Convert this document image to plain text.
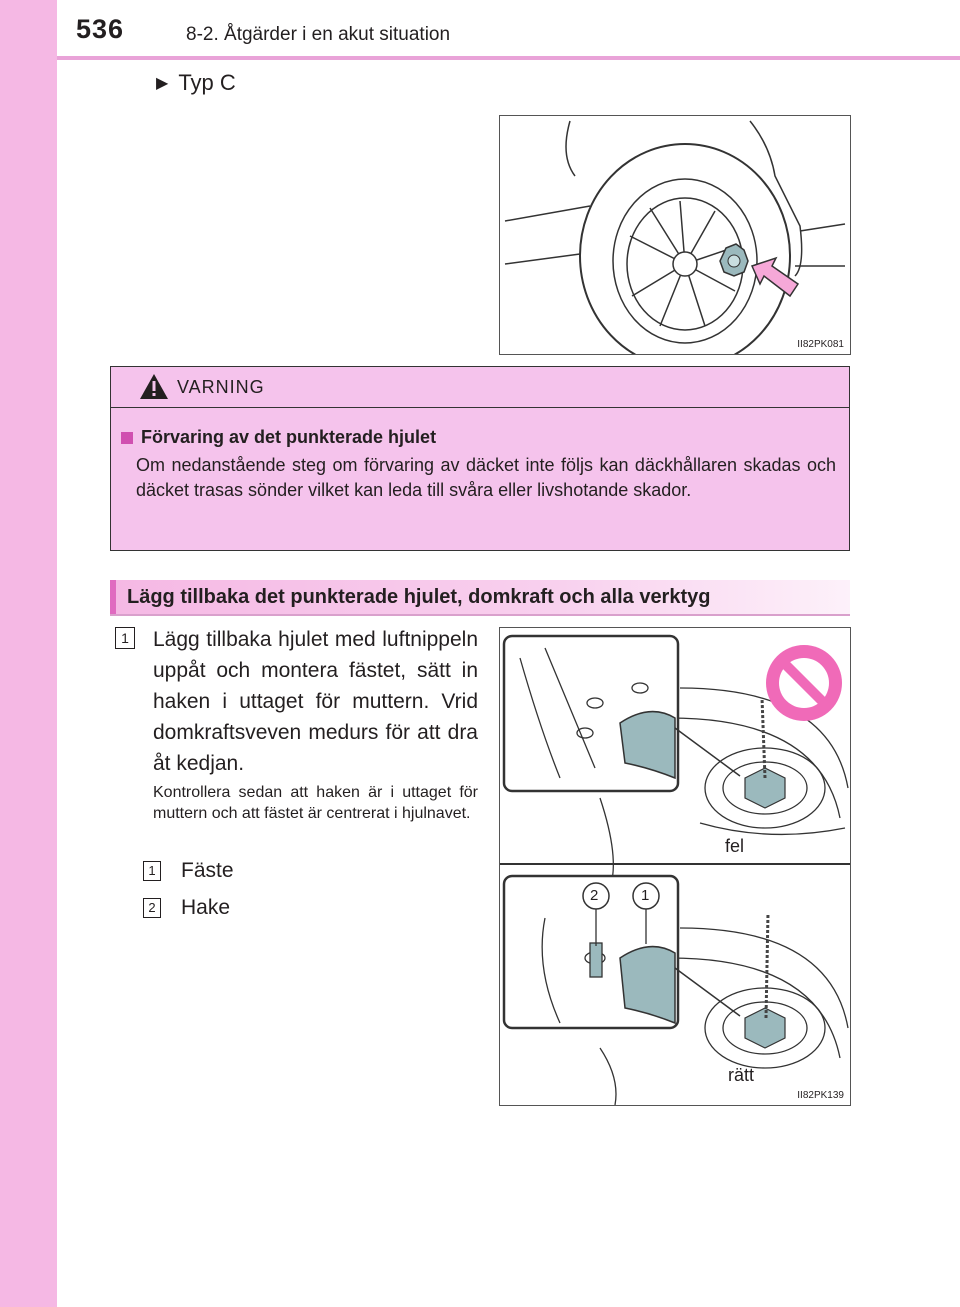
536	8-2. Åtgärder i en akut situation
▶ Typ C
II82PK081
VARNING
Förvaring av det punkterade hjulet
Om nedanstående steg om förvaring av däcket inte följs kan däckhållaren skadas och däcket trasas sönder vilket kan leda till svåra eller livshotande skador.
Lägg tillbaka det punkterade hjulet, domkraft och alla verktyg
1 Lägg tillbaka hjulet med luftnippeln uppåt och montera fästet, sätt in haken i uttaget för muttern. Vrid domkraftsveven medurs för att dra åt kedjan.
Kontrollera sedan att haken är i uttaget för muttern och att fästet är centrerat i hjulnavet.
1 Fäste
2 Hake
2	1
fel
rätt
II82PK139
